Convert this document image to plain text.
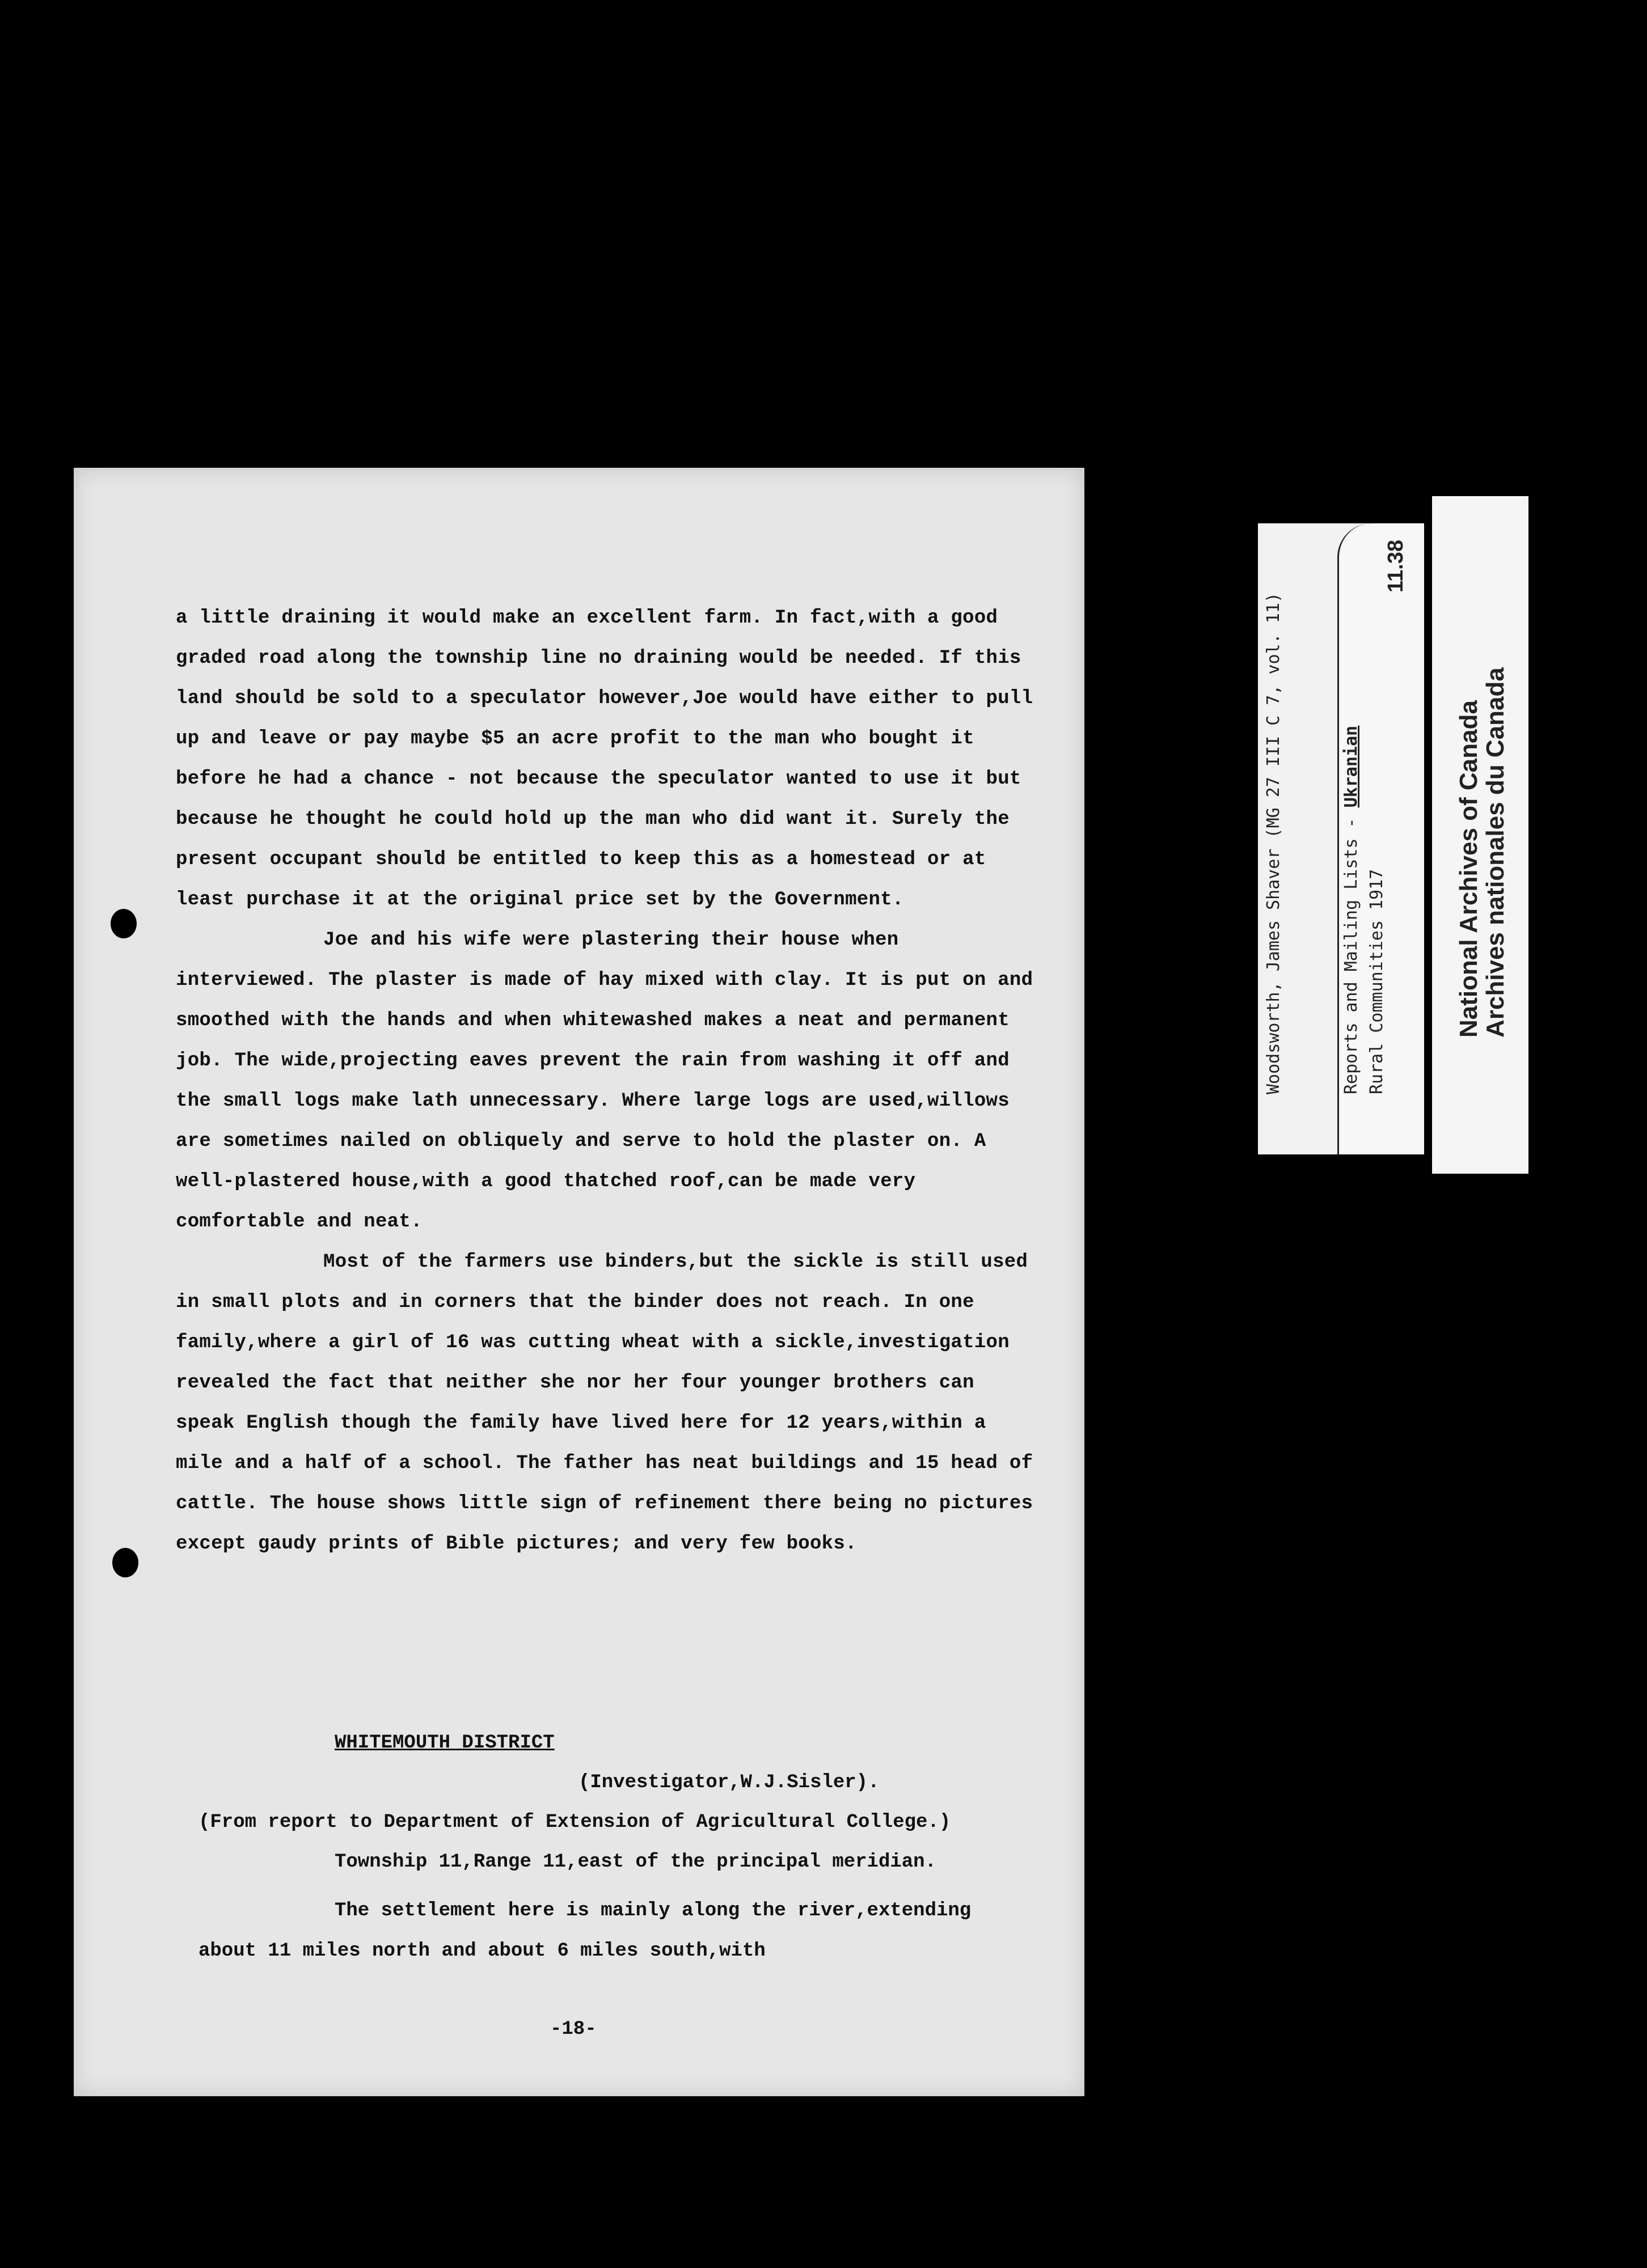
a little draining it would make an excellent farm. In fact,with a good graded road along the township line no draining would be needed. If this land should be sold to a speculator however,Joe would have either to pull up and leave or pay maybe $5 an acre profit to the man who bought it before he had a chance - not because the speculator wanted to use it but because he thought he could hold up the man who did want it. Surely the present occupant should be entitled to keep this as a homestead or at least purchase it at the original price set by the Government.

Joe and his wife were plastering their house when interviewed. The plaster is made of hay mixed with clay. It is put on and smoothed with the hands and when whitewashed makes a neat and permanent job. The wide,projecting eaves prevent the rain from washing it off and the small logs make lath unnecessary. Where large logs are used,willows are sometimes nailed on obliquely and serve to hold the plaster on. A well-plastered house,with a good thatched roof,can be made very comfortable and neat.

Most of the farmers use binders,but the sickle is still used in small plots and in corners that the binder does not reach. In one family,where a girl of 16 was cutting wheat with a sickle,investigation revealed the fact that neither she nor her four younger brothers can speak English though the family have lived here for 12 years,within a mile and a half of a school. The father has neat buildings and 15 head of cattle. The house shows little sign of refinement there being no pictures except gaudy prints of Bible pictures; and very few books.

WHITEMOUTH DISTRICT
(Investigator,W.J.Sisler).
(From report to Department of Extension of Agricultural College.)
Township 11,Range 11,east of the principal meridian.
The settlement here is mainly along the river,extending about 11 miles north and about 6 miles south,with
-18-
Woodsworth, James Shaver (MG 27 III C 7, vol. 11)	Reports and Mailing Lists - Ukranian
Rural Communities 1917
11.38
National Archives of Canada
Archives nationales du Canada
